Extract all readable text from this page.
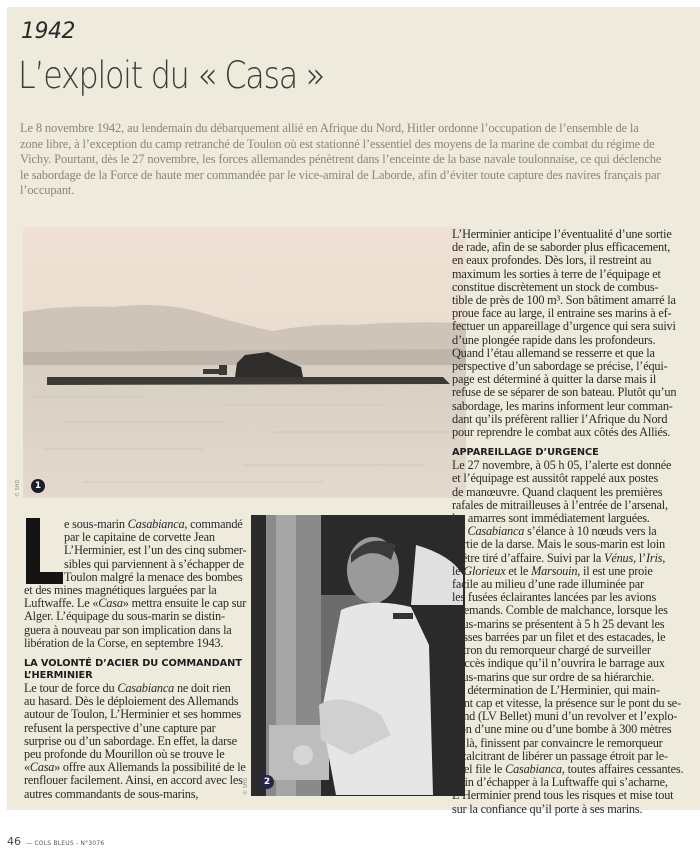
1942
L’exploit du « Casa »
Le 8 novembre 1942, au lendemain du débarquement allié en Afrique du Nord, Hitler ordonne l’occupation de l’ensemble de la
zone libre, à l’exception du camp retranché de Toulon où est stationné l’essentiel des moyens de la marine de combat du régime de
Vichy. Pourtant, dès le 27 novembre, les forces allemandes pénètrent dans l’enceinte de la base navale toulonnaise, ce qui déclenche
le sabordage de la Force de haute mer commandée par le vice-amiral de Laborde, afin d’éviter toute capture des navires français par
l’occupant.
1
© SHD
2
© SHD
e sous-marin Casabianca, commandé
par le capitaine de corvette Jean
L’Herminier, est l’un des cinq submer-
sibles qui parviennent à s’échapper de
Toulon malgré la menace des bombes
et des mines magnétiques larguées par la
Luftwaffe. Le «Casa» mettra ensuite le cap sur
Alger. L’équipage du sous-marin se distin-
guera à nouveau par son implication dans la
libération de la Corse, en septembre 1943.
LA VOLONTÉ D’ACIER DU COMMANDANT
L’HERMINIER
Le tour de force du Casabianca ne doit rien
au hasard. Dès le déploiement des Allemands
autour de Toulon, L’Herminier et ses hommes
refusent la perspective d’une capture par
surprise ou d’un sabordage. En effet, la darse
peu profonde du Mourillon où se trouve le
«Casa» offre aux Allemands la possibilité de le
renflouer facilement. Ainsi, en accord avec les
autres commandants de sous-marins,
L’Herminier anticipe l’éventualité d’une sortie
de rade, afin de se saborder plus efficacement,
en eaux profondes. Dès lors, il restreint au
maximum les sorties à terre de l’équipage et
constitue discrètement un stock de combus-
tible de près de 100 m³. Son bâtiment amarré la
proue face au large, il entraine ses marins à ef-
fectuer un appareillage d’urgence qui sera suivi
d’une plongée rapide dans les profondeurs.
Quand l’étau allemand se resserre et que la
perspective d’un sabordage se précise, l’équi-
page est déterminé à quitter la darse mais il
refuse de se séparer de son bateau. Plutôt qu’un
sabordage, les marins informent leur comman-
dant qu’ils préfèrent rallier l’Afrique du Nord
pour reprendre le combat aux côtés des Alliés.
APPAREILLAGE D’URGENCE
Le 27 novembre, à 05 h 05, l’alerte est donnée
et l’équipage est aussitôt rappelé aux postes
de manœuvre. Quand claquent les premières
rafales de mitrailleuses à l’entrée de l’arsenal,
les amarres sont immédiatement larguées.
Le Casabianca s’élance à 10 nœuds vers la
sortie de la darse. Mais le sous-marin est loin
d’être tiré d’affaire. Suivi par la Vénus, l’Iris,
le Glorieux et le Marsouin, il est une proie
facile au milieu d’une rade illuminée par
les fusées éclairantes lancées par les avions
allemands. Comble de malchance, lorsque les
sous-marins se présentent à 5 h 25 devant les
passes barrées par un filet et des estacades, le
patron du remorqueur chargé de surveiller
l’accès indique qu’il n’ouvrira le barrage aux
sous-marins que sur ordre de sa hiérarchie.
La détermination de L’Herminier, qui main-
tient cap et vitesse, la présence sur le pont du se-
cond (LV Bellet) muni d’un revolver et l’explo-
sion d’une mine ou d’une bombe à 300 mètres
de là, finissent par convaincre le remorqueur
récalcitrant de libérer un passage étroit par le-
quel file le Casabianca, toutes affaires cessantes.
Afin d’échapper à la Luftwaffe qui s’acharne,
L’Herminier prend tous les risques et mise tout
sur la confiance qu’il porte à ses marins.
46 — COLS BLEUS - N°3076
